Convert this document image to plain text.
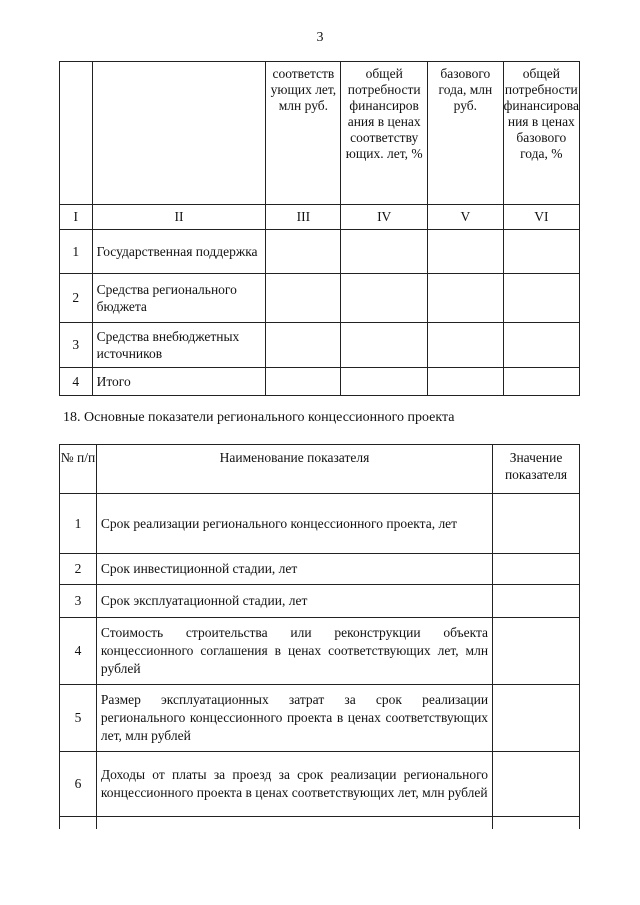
3
		соответств ующих лет, млн руб.	общей потребности финансиров ания в ценах соответству ющих. лет, %	базового года, млн руб.	общей потребности финансирова ния в ценах базового года, %
I	II	III	IV	V	VI
1	Государственная поддержка				
2	Средства регионального бюджета				
3	Средства внебюджетных источников				
4	Итого				
18. Основные показатели регионального концессионного проекта
№ п/п	Наименование показателя	Значение показателя
1	Срок реализации регионального концессионного проекта, лет	
2	Срок инвестиционной стадии, лет	
3	Срок эксплуатационной стадии, лет	
4	Стоимость строительства или реконструкции объекта концессионного соглашения в ценах соответствующих лет, млн рублей	
5	Размер эксплуатационных затрат за срок реализации регионального концессионного проекта в ценах соответствующих лет, млн рублей	
6	Доходы от платы за проезд за срок реализации регионального концессионного проекта в ценах соответствующих лет, млн рублей	
